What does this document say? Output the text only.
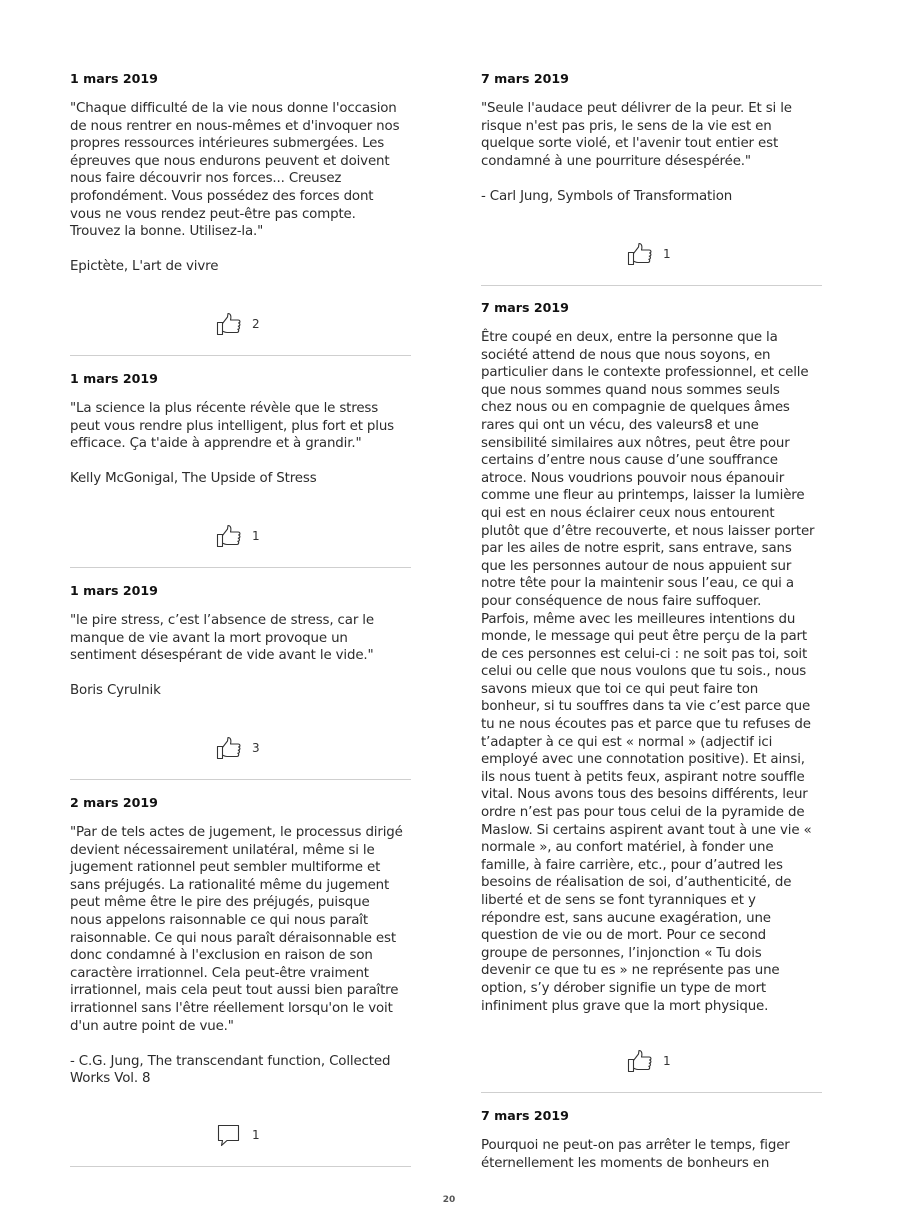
1 mars 2019

"Chaque difficulté de la vie nous donne l'occasion

de nous rentrer en nous-mêmes et d'invoquer nos

propres ressources intérieures submergées. Les

épreuves que nous endurons peuvent et doivent

nous faire découvrir nos forces... Creusez

profondément. Vous possédez des forces dont

vous ne vous rendez peut-être pas compte.

Trouvez la bonne. Utilisez-la."

Epictète, L'art de vivre

2
1 mars 2019

"La science la plus récente révèle que le stress

peut vous rendre plus intelligent, plus fort et plus

efficace. Ça t'aide à apprendre et à grandir."

Kelly McGonigal, The Upside of Stress

1
1 mars 2019

"le pire stress, c’est l’absence de stress, car le

manque de vie avant la mort provoque un

sentiment désespérant de vide avant le vide."

Boris Cyrulnik

3
2 mars 2019

"Par de tels actes de jugement, le processus dirigé

devient nécessairement unilatéral, même si le

jugement rationnel peut sembler multiforme et

sans préjugés. La rationalité même du jugement

peut même être le pire des préjugés, puisque

nous appelons raisonnable ce qui nous paraît

raisonnable. Ce qui nous paraît déraisonnable est

donc condamné à l'exclusion en raison de son

caractère irrationnel. Cela peut-être vraiment

irrationnel, mais cela peut tout aussi bien paraître

irrationnel sans l'être réellement lorsqu'on le voit

d'un autre point de vue."

- C.G. Jung, The transcendant function, Collected

Works Vol. 8

1
7 mars 2019

"Seule l'audace peut délivrer de la peur. Et si le

risque n'est pas pris, le sens de la vie est en

quelque sorte violé, et l'avenir tout entier est

condamné à une pourriture désespérée."

- Carl Jung, Symbols of Transformation

1
7 mars 2019

Être coupé en deux, entre la personne que la

société attend de nous que nous soyons, en

particulier dans le contexte professionnel, et celle

que nous sommes quand nous sommes seuls

chez nous ou en compagnie de quelques âmes

rares qui ont un vécu, des valeurs8 et une

sensibilité similaires aux nôtres, peut être pour

certains d’entre nous cause d’une souffrance

atroce. Nous voudrions pouvoir nous épanouir

comme une fleur au printemps, laisser la lumière

qui est en nous éclairer ceux nous entourent

plutôt que d’être recouverte, et nous laisser porter

par les ailes de notre esprit, sans entrave, sans

que les personnes autour de nous appuient sur

notre tête pour la maintenir sous l’eau, ce qui a

pour conséquence de nous faire suffoquer.

Parfois, même avec les meilleures intentions du

monde, le message qui peut être perçu de la part

de ces personnes est celui-ci : ne soit pas toi, soit

celui ou celle que nous voulons que tu sois., nous

savons mieux que toi ce qui peut faire ton

bonheur, si tu souffres dans ta vie c’est parce que

tu ne nous écoutes pas et parce que tu refuses de

t’adapter à ce qui est « normal » (adjectif ici

employé avec une connotation positive). Et ainsi,

ils nous tuent à petits feux, aspirant notre souffle

vital. Nous avons tous des besoins différents, leur

ordre n’est pas pour tous celui de la pyramide de

Maslow. Si certains aspirent avant tout à une vie «

normale », au confort matériel, à fonder une

famille, à faire carrière, etc., pour d’autred les

besoins de réalisation de soi, d’authenticité, de

liberté et de sens se font tyranniques et y

répondre est, sans aucune exagération, une

question de vie ou de mort. Pour ce second

groupe de personnes, l’injonction « Tu dois

devenir ce que tu es » ne représente pas une

option, s’y dérober signifie un type de mort

infiniment plus grave que la mort physique.

1
7 mars 2019

Pourquoi ne peut-on pas arrêter le temps, figer

éternellement les moments de bonheurs en

20
